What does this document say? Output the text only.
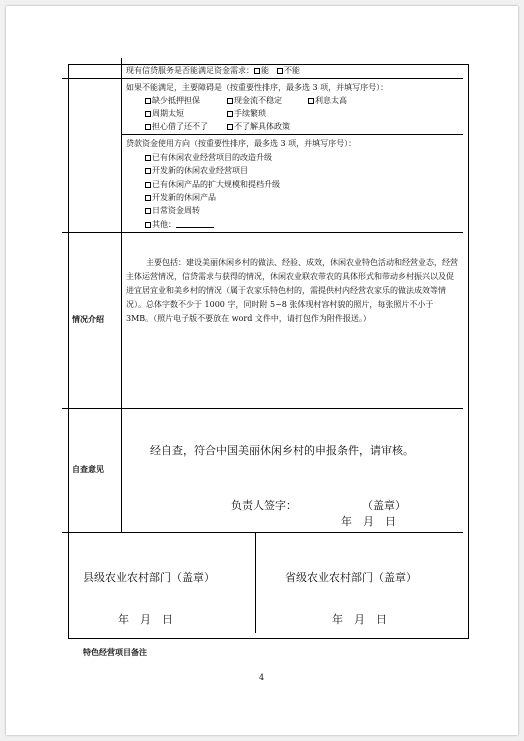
现有信贷服务是否能满足资金需求： 能　 不能
如果不能满足，主要障碍是（按重要性排序，最多选 3 项，并填写序号）：
缺少抵押担保	现金流不稳定	利息太高
周期太短	手续繁琐
担心借了还不了	不了解具体政策
贷款资金使用方向（按重要性排序，最多选 3 项，并填写序号）：
已有休闲农业经营项目的改造升级
开发新的休闲农业经营项目
已有休闲产品的扩大规模和提档升级
开发新的休闲产品
日常资金周转
其他：
情况介绍
主要包括：建设美丽休闲乡村的做法、经验、成效，休闲农业特色活动和经营业态，经营主体运营情况，信贷需求与获得的情况，休闲农业联农带农的具体形式和带动乡村振兴以及促进宜居宜业和美乡村的情况（属于农家乐特色村的，需提供村内经营农家乐的做法成效等情况）。总体字数不少于 1000 字，同时附 5~8 张体现村容村貌的照片，每张照片不小于 3MB。（照片电子版不要放在 word 文件中，请打包作为附件报送。）
自查意见
经自查，符合中国美丽休闲乡村的申报条件，请审核。
负责人签字：	（盖章）
年　月　日
县级农业农村部门（盖章）	省级农业农村部门（盖章）
年　月　日	年　月　日
特色经营项目备注
4
